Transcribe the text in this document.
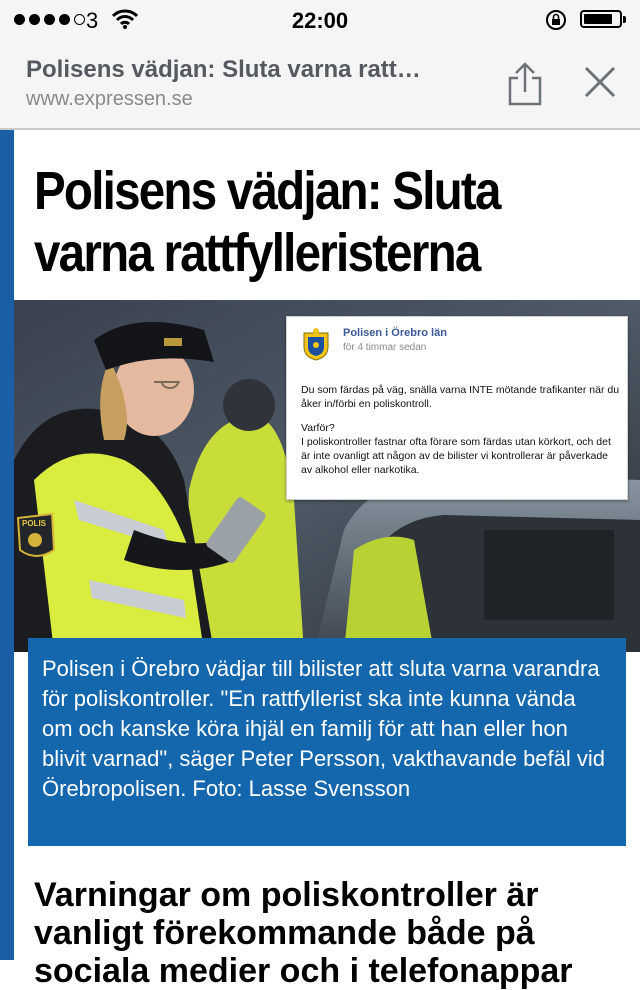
3	22:00
Polisens vädjan: Sluta varna ratt…
www.expressen.se
Polisens vädjan: Sluta varna rattfylleristerna
POLIS
Polisen i Örebro län
för 4 timmar sedan

Du som färdas på väg, snälla varna INTE mötande trafikanter när du åker in/förbi en poliskontroll.

Varför?

I poliskontroller fastnar ofta förare som färdas utan körkort, och det är inte ovanligt att någon av de bilister vi kontrollerar är påverkade av alkohol eller narkotika.

Polisen i Örebro vädjar till bilister att sluta varna varandra för poliskontroller. "En rattfyllerist ska inte kunna vända om och kanske köra ihjäl en familj för att han eller hon blivit varnad", säger Peter Persson, vakthavande befäl vid Örebropolisen. Foto: Lasse Svensson
Varningar om poliskontroller är vanligt förekommande både på sociala medier och i telefonappar
